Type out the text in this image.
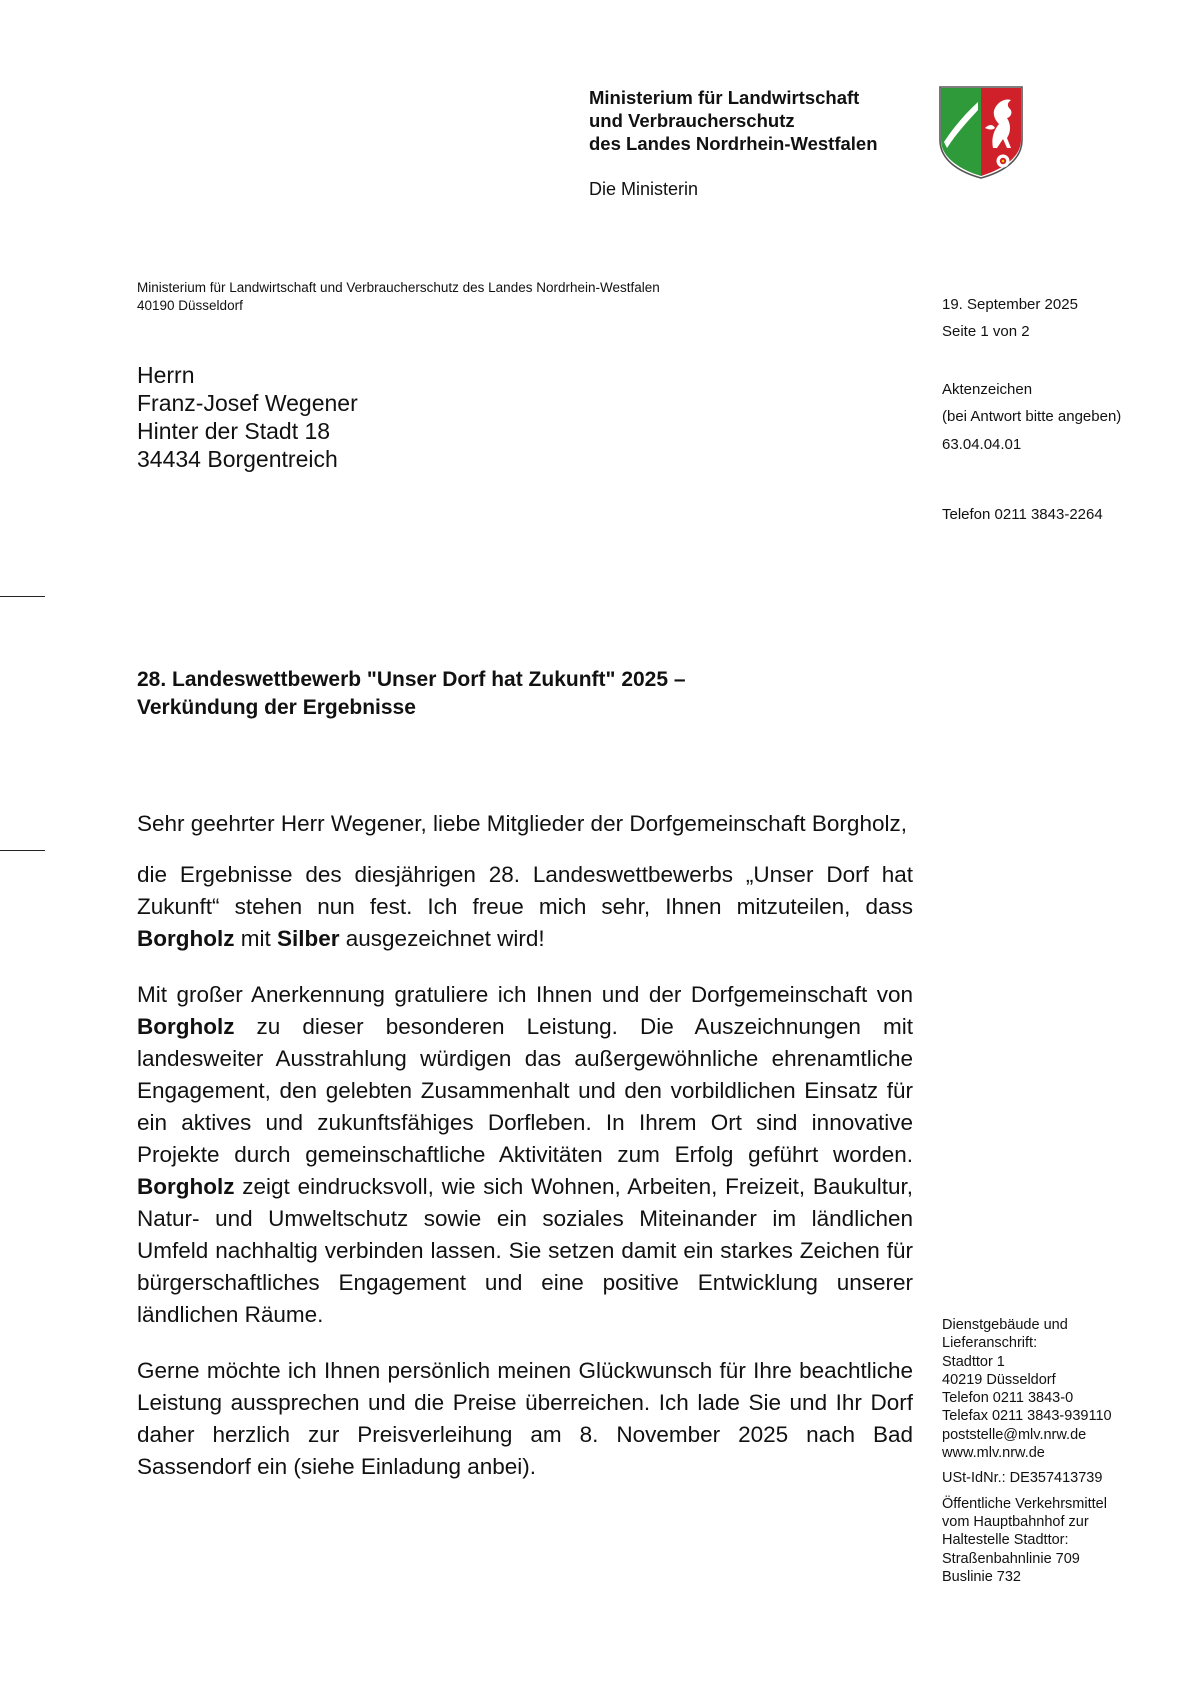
Ministerium für Landwirtschaft
und Verbraucherschutz
des Landes Nordrhein-Westfalen
Die Ministerin
Ministerium für Landwirtschaft und Verbraucherschutz des Landes Nordrhein-Westfalen
40190 Düsseldorf
Herrn
Franz-Josef Wegener
Hinter der Stadt 18
34434 Borgentreich
19. September 2025
Seite 1 von 2
Aktenzeichen
(bei Antwort bitte angeben)
63.04.04.01
Telefon 0211 3843-2264
28. Landeswettbewerb "Unser Dorf hat Zukunft" 2025 –
Verkündung der Ergebnisse

Sehr geehrter Herr Wegener, liebe Mitglieder der Dorfgemeinschaft Borgholz,

die Ergebnisse des diesjährigen 28. Landeswettbewerbs „Unser Dorf hat Zukunft“ stehen nun fest. Ich freue mich sehr, Ihnen mitzuteilen, dass Borgholz mit Silber ausgezeichnet wird!

Mit großer Anerkennung gratuliere ich Ihnen und der Dorfgemeinschaft von Borgholz zu dieser besonderen Leistung. Die Auszeichnungen mit landesweiter Ausstrahlung würdigen das außergewöhnliche ehrenamtliche Engagement, den gelebten Zusammenhalt und den vorbildlichen Einsatz für ein aktives und zukunftsfähiges Dorfleben. In Ihrem Ort sind innovative Projekte durch gemeinschaftliche Aktivitäten zum Erfolg geführt worden. Borgholz zeigt eindrucksvoll, wie sich Wohnen, Arbeiten, Freizeit, Baukultur, Natur- und Umweltschutz sowie ein soziales Miteinander im ländlichen Umfeld nachhaltig verbinden lassen. Sie setzen damit ein starkes Zeichen für bürgerschaftliches Engagement und eine positive Entwicklung unserer ländlichen Räume.

Gerne möchte ich Ihnen persönlich meinen Glückwunsch für Ihre beachtliche Leistung aussprechen und die Preise überreichen. Ich lade Sie und Ihr Dorf daher herzlich zur Preisverleihung am 8. November 2025 nach Bad Sassendorf ein (siehe Einladung anbei).

Dienstgebäude und
Lieferanschrift:
Stadttor 1
40219 Düsseldorf
Telefon 0211 3843-0
Telefax 0211 3843-939110
poststelle@mlv.nrw.de
www.mlv.nrw.de
USt-IdNr.: DE357413739
Öffentliche Verkehrsmittel
vom Hauptbahnhof zur
Haltestelle Stadttor:
Straßenbahnlinie 709
Buslinie 732
